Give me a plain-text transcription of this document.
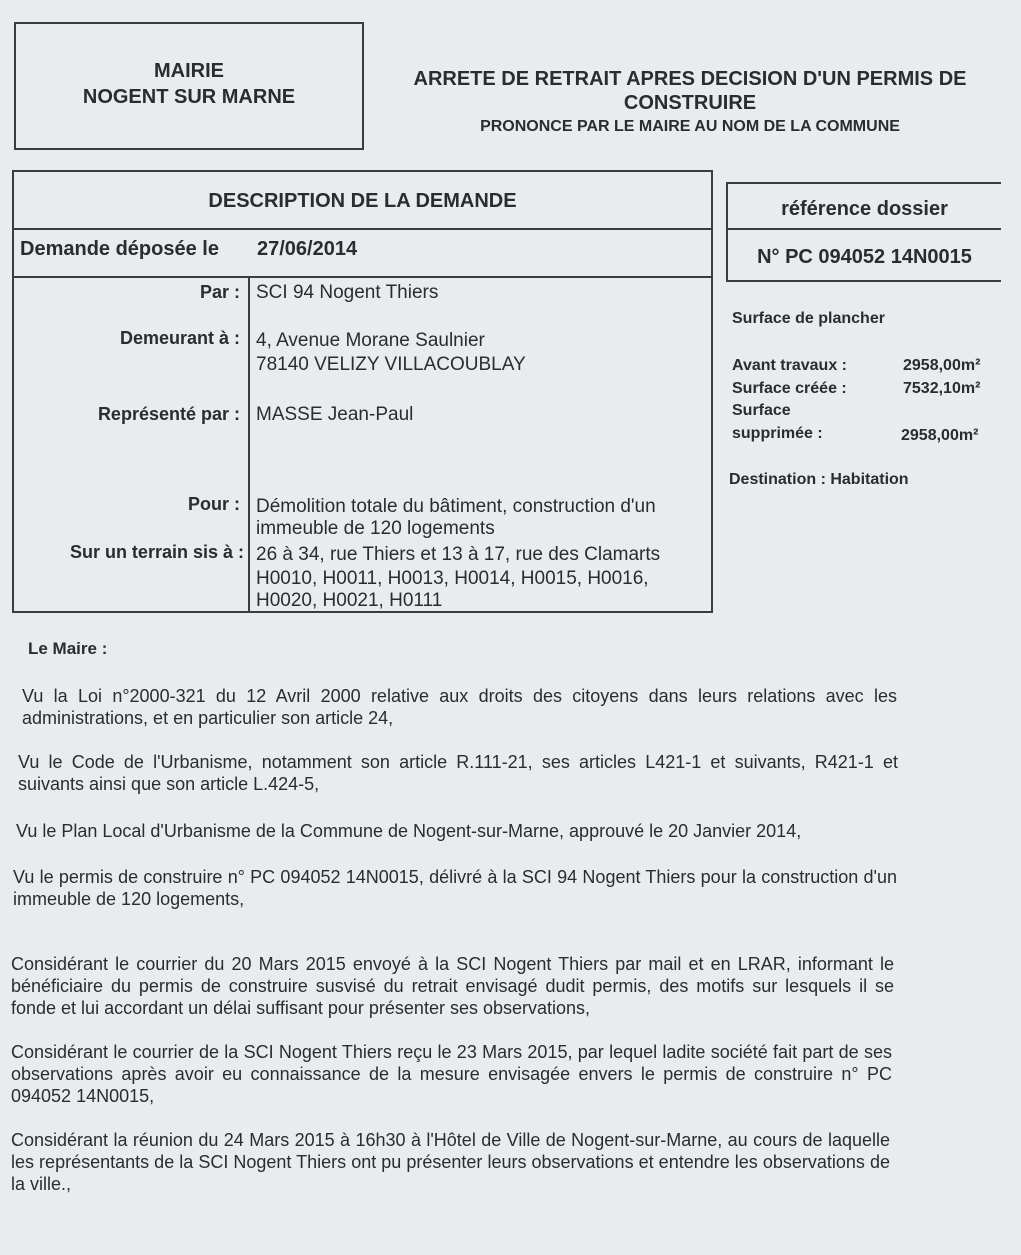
MAIRIE
NOGENT SUR MARNE
ARRETE DE RETRAIT APRES DECISION D'UN PERMIS DE
CONSTRUIRE
PRONONCE PAR LE MAIRE AU NOM DE LA COMMUNE
DESCRIPTION DE LA DEMANDE
Demande déposée le 27/06/2014
Par : SCI 94 Nogent Thiers
Demeurant à : 4, Avenue Morane Saulnier
78140 VELIZY VILLACOUBLAY
Représenté par : MASSE Jean-Paul
Pour : Démolition totale du bâtiment, construction d'un
immeuble de 120 logements
Sur un terrain sis à : 26 à 34, rue Thiers et 13 à 17, rue des Clamarts
H0010, H0011, H0013, H0014, H0015, H0016,
H0020, H0021, H0111
référence dossier
N° PC 094052 14N0015
Surface de plancher
Avant travaux :	2958,00m²
Surface créée :	7532,10m²
Surface
supprimée :	2958,00m²
Destination : Habitation
Le Maire :
Vu la Loi n°2000-321 du 12 Avril 2000 relative aux droits des citoyens dans leurs relations avec les administrations, et en particulier son article 24,
Vu le Code de l'Urbanisme, notamment son article R.111-21, ses articles L421-1 et suivants, R421-1 et suivants ainsi que son article L.424-5,
Vu le Plan Local d'Urbanisme de la Commune de Nogent-sur-Marne, approuvé le 20 Janvier 2014,
Vu le permis de construire n° PC 094052 14N0015, délivré à la SCI 94 Nogent Thiers pour la construction d'un immeuble de 120 logements,
Considérant le courrier du 20 Mars 2015 envoyé à la SCI Nogent Thiers par mail et en LRAR, informant le bénéficiaire du permis de construire susvisé du retrait envisagé dudit permis, des motifs sur lesquels il se fonde et lui accordant un délai suffisant pour présenter ses observations,
Considérant le courrier de la SCI Nogent Thiers reçu le 23 Mars 2015, par lequel ladite société fait part de ses observations après avoir eu connaissance de la mesure envisagée envers le permis de construire n° PC 094052 14N0015,
Considérant la réunion du 24 Mars 2015 à 16h30 à l'Hôtel de Ville de Nogent-sur-Marne, au cours de laquelle les représentants de la SCI Nogent Thiers ont pu présenter leurs observations et entendre les observations de la ville.,
